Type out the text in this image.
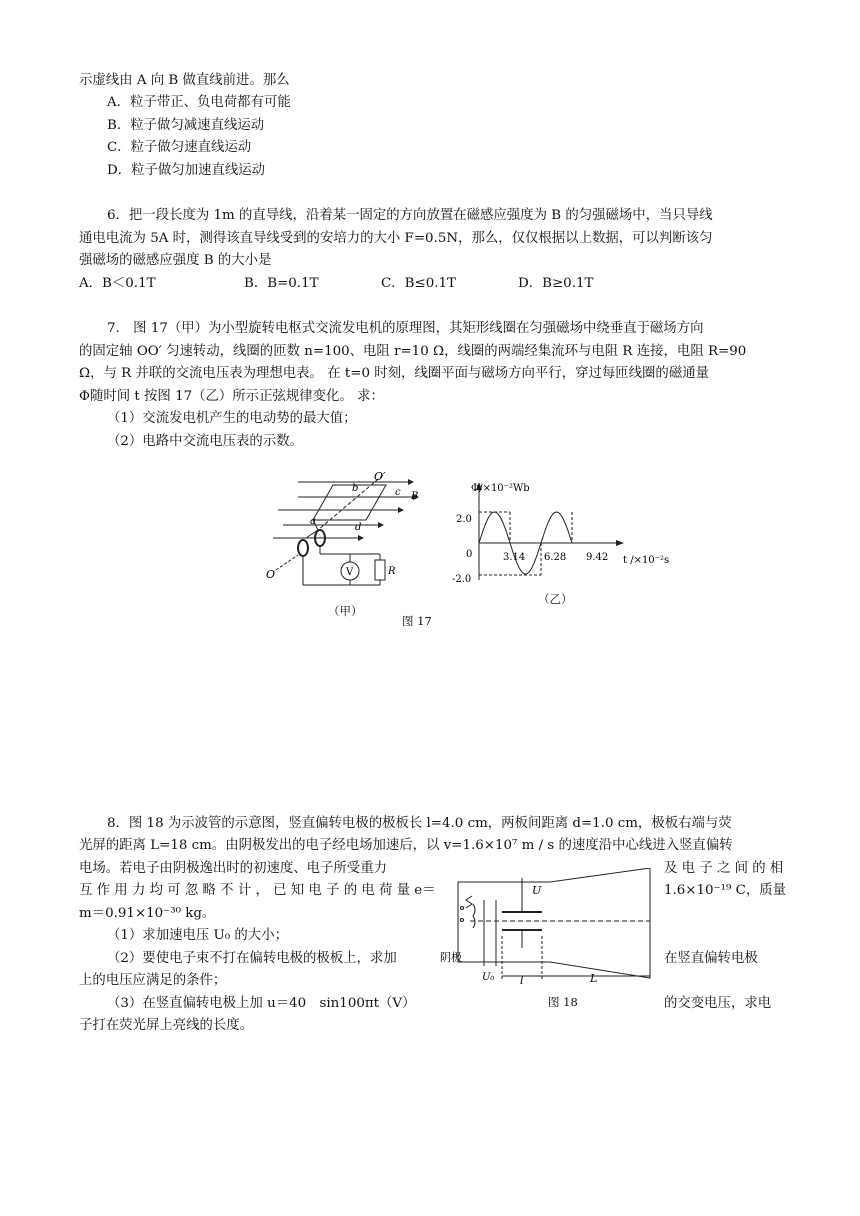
示虚线由 A 向 B 做直线前进。那么
A．粒子带正、负电荷都有可能
B．粒子做匀减速直线运动
C．粒子做匀速直线运动
D．粒子做匀加速直线运动
6．把一段长度为 1m 的直导线，沿着某一固定的方向放置在磁感应强度为 B 的匀强磁场中，当只导线
通电电流为 5A 时，测得该直导线受到的安培力的大小 F=0.5N，那么，仅仅根据以上数据，可以判断该匀
强磁场的磁感应强度 B 的大小是
A．B＜0.1T	B．B=0.1T	C．B≤0.1T	D．B≥0.1T
7.　图 17（甲）为小型旋转电枢式交流发电机的原理图，其矩形线圈在匀强磁场中绕垂直于磁场方向
的固定轴 OO′ 匀速转动，线圈的匝数 n=100、电阻 r=10 Ω，线圈的两端经集流环与电阻 R 连接，电阻 R=90
Ω，与 R 并联的交流电压表为理想电表。 在 t=0 时刻，线圈平面与磁场方向平行，穿过每匝线圈的磁通量
Φ随时间 t 按图 17（乙）所示正弦规律变化。 求：
（1）交流发电机产生的电动势的最大值；
（2）电路中交流电压表的示数。
O′
b	c B
a
d
V	R
O
（甲）
Φ/×10⁻²Wb
2.0
0
-2.0
3.14 6.28 9.42 t /×10⁻²s
（乙）
图 17
8．图 18 为示波管的示意图，竖直偏转电极的极板长 l=4.0 cm，两板间距离 d=1.0 cm，极板右端与荧
光屏的距离 L=18 cm。由阴极发出的电子经电场加速后，以 v=1.6×10⁷ m / s 的速度沿中心线进入竖直偏转
电场。若电子由阴极逸出时的初速度、电子所受重力
互 作 用 力 均 可 忽 略 不 计 ， 已 知 电 子 的 电 荷 量 e＝
m＝0.91×10⁻³⁰ kg。
（1）求加速电压 U₀ 的大小；
（2）要使电子束不打在偏转电极的极板上，求加
上的电压应满足的条件；
（3）在竖直偏转电极上加 u＝40　sin100πt（V）
子打在荧光屏上亮线的长度。
及 电 子 之 间 的 相
1.6×10⁻¹⁹ C，质量
在竖直偏转电极
的交变电压，求电
U
阴极
U₀ l	L
图 18
